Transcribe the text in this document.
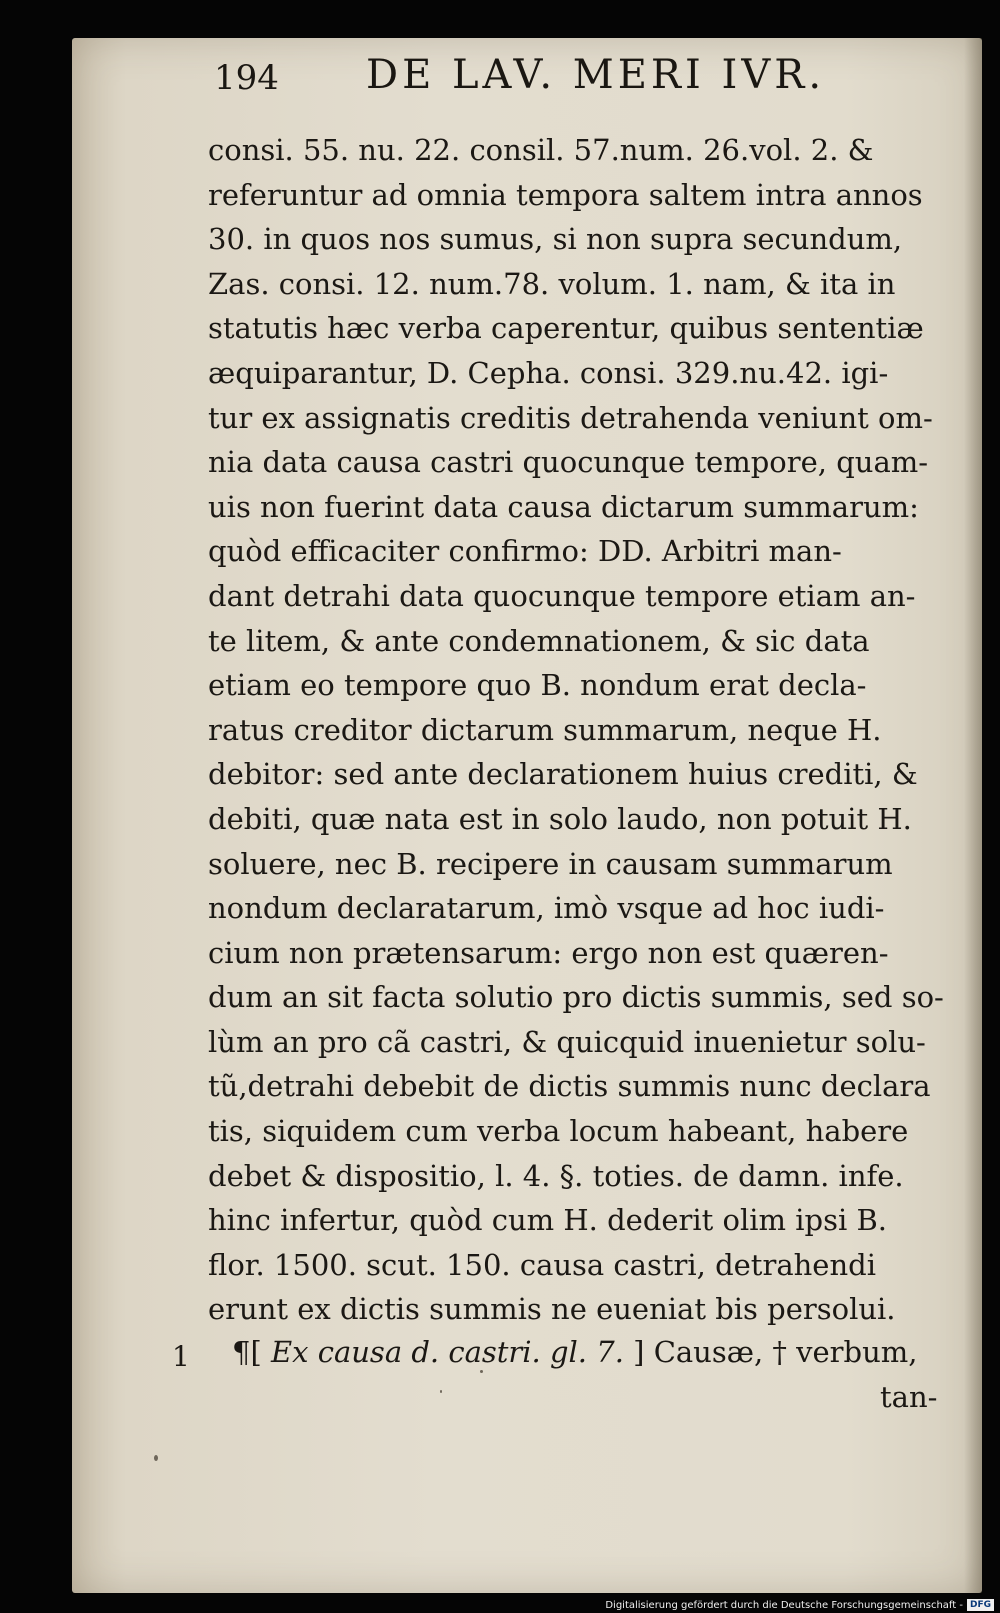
194 DE LAV. MERI IVR.
consi. 55. nu. 22. consil. 57.num. 26.vol. 2. &
referuntur ad omnia tempora saltem intra annos
30. in quos nos sumus, si non supra secundum,
Zas. consi. 12. num.78. volum. 1. nam, & ita in
statutis hæc verba caperentur, quibus sententiæ
æquiparantur, D. Cepha. consi. 329.nu.42. igi-
tur ex assignatis creditis detrahenda veniunt om-
nia data causa castri quocunque tempore, quam-
uis non fuerint data causa dictarum summarum:
quòd efficaciter confirmo: DD. Arbitri man-
dant detrahi data quocunque tempore etiam an-
te litem, & ante condemnationem, & sic data
etiam eo tempore quo B. nondum erat decla-
ratus creditor dictarum summarum, neque H.
debitor: sed ante declarationem huius crediti, &
debiti, quæ nata est in solo laudo, non potuit H.
soluere, nec B. recipere in causam summarum
nondum declaratarum, imò vsque ad hoc iudi-
cium non prætensarum: ergo non est quæren-
dum an sit facta solutio pro dictis summis, sed so-
lùm an pro cã castri, & quicquid inuenietur solu-
tũ,detrahi debebit de dictis summis nunc declara
tis, siquidem cum verba locum habeant, habere
debet & dispositio, l. 4. §. toties. de damn. infe.
hinc infertur, quòd cum H. dederit olim ipsi B.
flor. 1500. scut. 150. causa castri, detrahendi
erunt ex dictis summis ne eueniat bis persolui.
1 ¶[ Ex causa d. castri. gl. 7. ] Causæ, † verbum,
tan-
Digitalisierung gefördert durch die Deutsche Forschungsgemeinschaft - DFG
